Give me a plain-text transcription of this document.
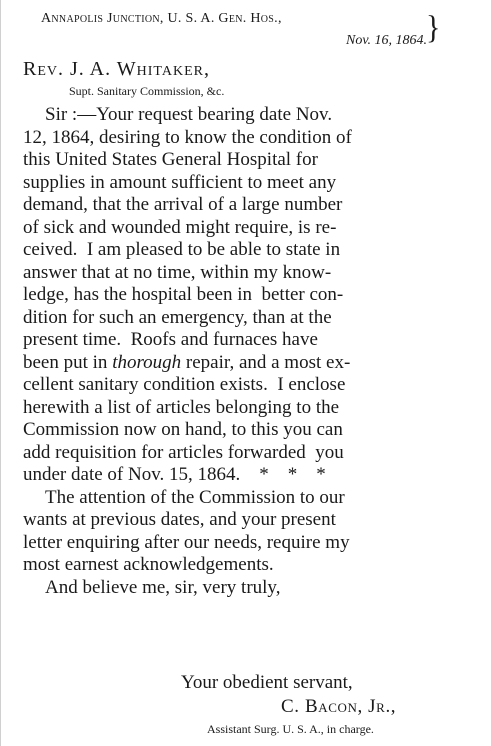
Annapolis Junction, U. S. A. Gen. Hos.,
Nov. 16, 1864. }
Rev. J. A. Whitaker,
Supt. Sanitary Commission, &c.
Sir :—Your request bearing date Nov.
12, 1864, desiring to know the condition of
this United States General Hospital for
supplies in amount sufficient to meet any
demand, that the arrival of a large number
of sick and wounded might require, is re-
ceived.  I am pleased to be able to state in
answer that at no time, within my know-
ledge, has the hospital been in  better con-
dition for such an emergency, than at the
present time.  Roofs and furnaces have
been put in thorough repair, and a most ex-
cellent sanitary condition exists.  I enclose
herewith a list of articles belonging to the
Commission now on hand, to this you can
add requisition for articles forwarded  you
under date of Nov. 15, 1864.    *    *    *
The attention of the Commission to our
wants at previous dates, and your present
letter enquiring after our needs, require my
most earnest acknowledgements.
And believe me, sir, very truly,
Your obedient servant,
C. Bacon, Jr.,
Assistant Surg. U. S. A., in charge.
